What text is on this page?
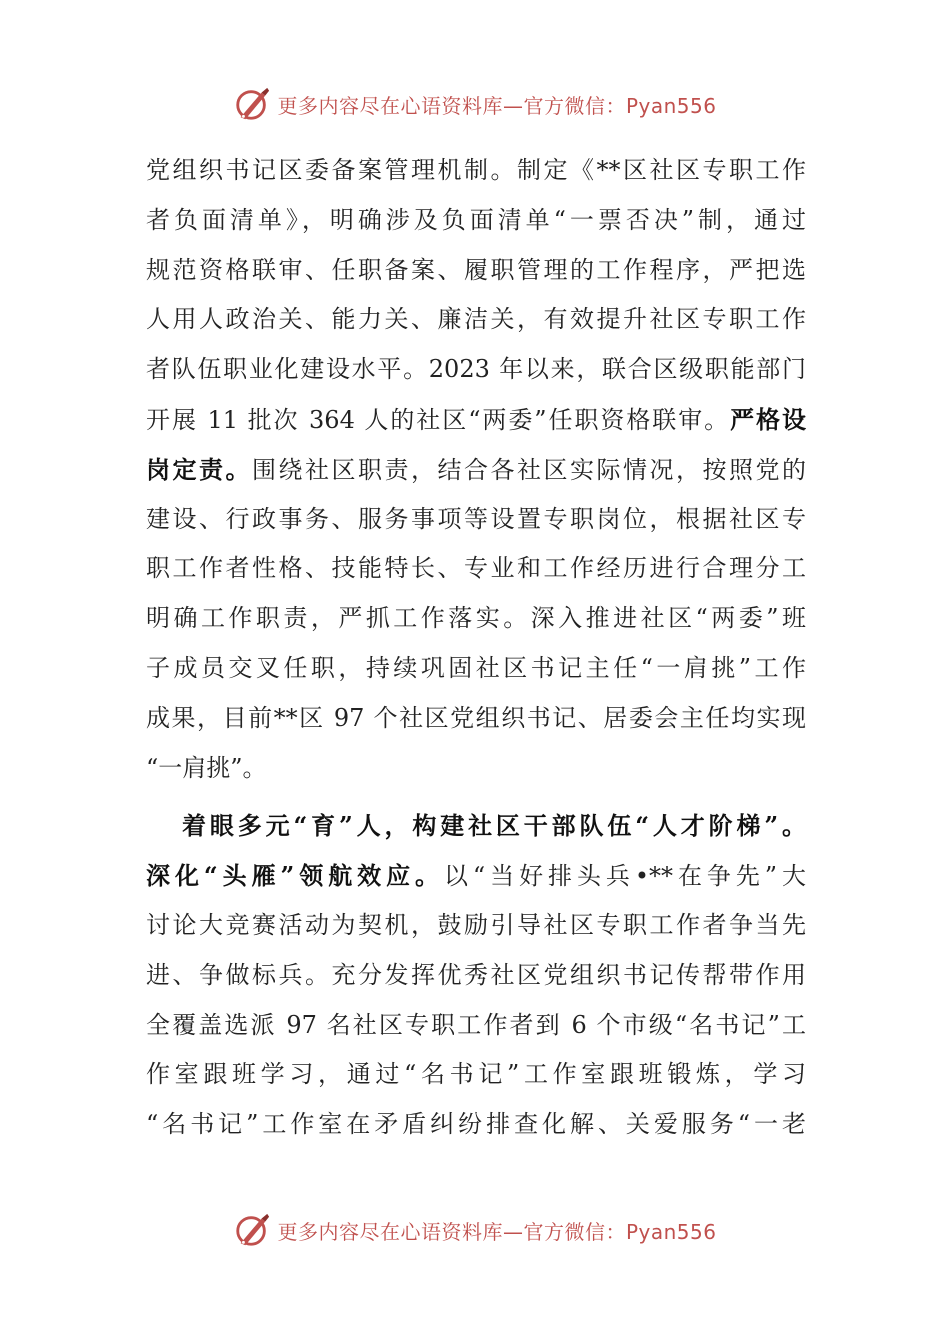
更多内容尽在心语资料库—官方微信：Pyan556
党组织书记区委备案管理机制。制定《**区社区专职工作
者负面清单》，明确涉及负面清单“一票否决”制，通过
规范资格联审、任职备案、履职管理的工作程序，严把选
人用人政治关、能力关、廉洁关，有效提升社区专职工作
者队伍职业化建设水平。2023 年以来，联合区级职能部门
开展 11 批次 364 人的社区“两委”任职资格联审。严格设
岗定责。围绕社区职责，结合各社区实际情况，按照党的
建设、行政事务、服务事项等设置专职岗位，根据社区专
职工作者性格、技能特长、专业和工作经历进行合理分工
明确工作职责，严抓工作落实。深入推进社区“两委”班
子成员交叉任职，持续巩固社区书记主任“一肩挑”工作
成果，目前**区 97 个社区党组织书记、居委会主任均实现
“一肩挑”。
着眼多元“育”人，构建社区干部队伍“人才阶梯”。
深化“头雁”领航效应。以“当好排头兵•**在争先”大
讨论大竞赛活动为契机，鼓励引导社区专职工作者争当先
进、争做标兵。充分发挥优秀社区党组织书记传帮带作用
全覆盖选派 97 名社区专职工作者到 6 个市级“名书记”工
作室跟班学习，通过“名书记”工作室跟班锻炼，学习
“名书记”工作室在矛盾纠纷排查化解、关爱服务“一老
更多内容尽在心语资料库—官方微信：Pyan556
